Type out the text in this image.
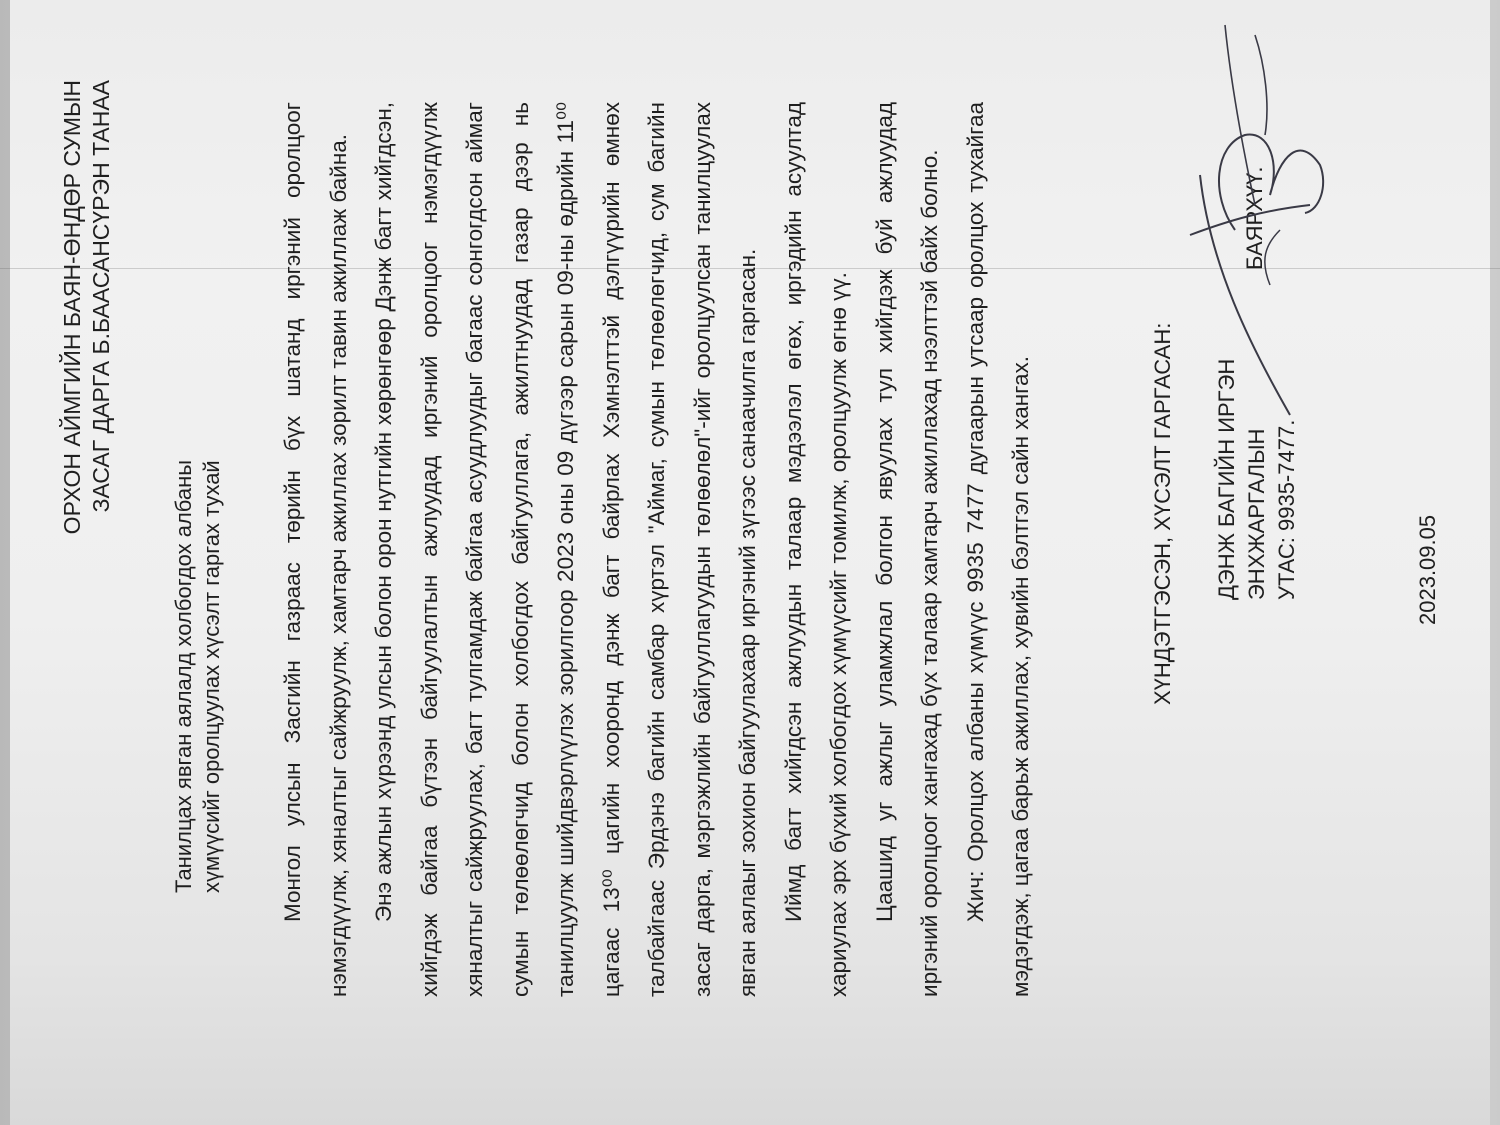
ОРХОН АЙМГИЙН БАЯН-ӨНДӨР СУМЫН ЗАСАГ ДАРГА Б.БААСАНСҮРЭН ТАНАА
Танилцах явган аялалд холбогдох албаны хүмүүсийг оролцуулах хүсэлт гаргах тухай	Монгол улсын Засгийн газраас төрийн бүх шатанд иргэний оролцоог нэмэгдүүлж, хяналтыг сайжруулж, хамтарч ажиллах зорилт тавин ажиллаж байна. Энэ ажлын хүрээнд улсын болон орон нутгийн хөрөнгөөр Дэнж багт хийгдсэн, хийгдэж байгаа бүтээн байгуулалтын ажлуудад иргэний оролцоог нэмэгдүүлж хяналтыг сайжруулах, багт тулгамдаж байгаа асуудлуудыг багаас сонгогдсон аймаг сумын төлөөлөгчид болон холбогдох байгууллага, ажилтнуудад газар дээр нь танилцуулж шийдвэрлүүлэх зорилгоор 2023 оны 09 дүгээр сарын 09-ны өдрийн 11⁰⁰ цагаас 13⁰⁰ цагийн хооронд дэнж багт байрлах Хэмнэлттэй дэлгүүрийн өмнөх талбайгаас Эрдэнэ багийн самбар хүртэл "Аймаг, сумын төлөөлөгчид, сум багийн засаг дарга, мэргэжлийн байгууллагуудын төлөөлөл"-ийг оролцуулсан танилцуулах явган аялаыг зохион байгуулахаар иргэний зүгээс санаачилга гаргасан. Иймд багт хийгдсэн ажлуудын талаар мэдээлэл өгөх, иргэдийн асуултад хариулах эрх бүхий холбогдох хүмүүсийг томилж, оролцуулж өгнө үү. Цаашид уг ажлыг уламжлал болгон явуулах тул хийгдэж буй ажлуудад иргэний оролцоог хангахад бүх талаар хамтарч ажиллахад нээлттэй байх болно. Жич: Оролцох албаны хүмүүс 9935 7477 дугаарын утсаар оролцох тухайгаа мэдэгдэж, цагаа барьж ажиллах, хувийн бэлтгэл сайн хангах.	ХҮНДЭТГЭСЭН, ХҮСЭЛТ ГАРГАСАН: ДЭНЖ БАГИЙН ИРГЭН ЭНХЖАРГАЛЫН УТАС: 9935-7477.
БАЯРХҮҮ.
2023.09.05
